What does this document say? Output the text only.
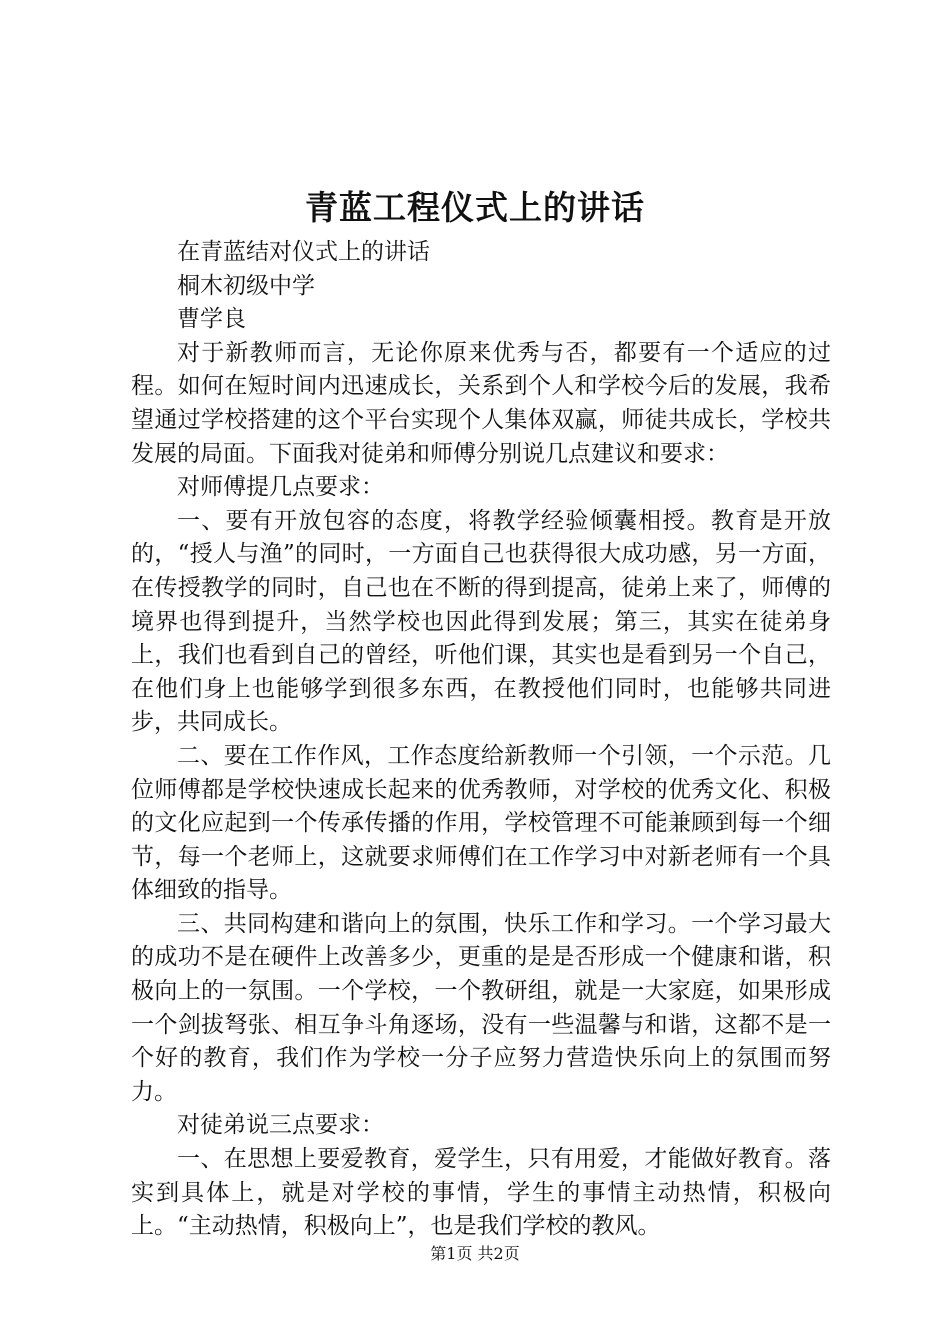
青蓝工程仪式上的讲话

在青蓝结对仪式上的讲话

桐木初级中学

曹学良

对于新教师而言，无论你原来优秀与否，都要有一个适应的过程。如何在短时间内迅速成长，关系到个人和学校今后的发展，我希望通过学校搭建的这个平台实现个人集体双赢，师徒共成长，学校共发展的局面。下面我对徒弟和师傅分别说几点建议和要求：

对师傅提几点要求：

一、要有开放包容的态度，将教学经验倾囊相授。教育是开放的，“授人与渔”的同时，一方面自己也获得很大成功感，另一方面，在传授教学的同时，自己也在不断的得到提高，徒弟上来了，师傅的境界也得到提升，当然学校也因此得到发展；第三，其实在徒弟身上，我们也看到自己的曾经，听他们课，其实也是看到另一个自己，在他们身上也能够学到很多东西，在教授他们同时，也能够共同进步，共同成长。

二、要在工作作风，工作态度给新教师一个引领，一个示范。几位师傅都是学校快速成长起来的优秀教师，对学校的优秀文化、积极的文化应起到一个传承传播的作用，学校管理不可能兼顾到每一个细节，每一个老师上，这就要求师傅们在工作学习中对新老师有一个具体细致的指导。

三、共同构建和谐向上的氛围，快乐工作和学习。一个学习最大的成功不是在硬件上改善多少，更重的是是否形成一个健康和谐，积极向上的一氛围。一个学校，一个教研组，就是一大家庭，如果形成一个剑拔弩张、相互争斗角逐场，没有一些温馨与和谐，这都不是一个好的教育，我们作为学校一分子应努力营造快乐向上的氛围而努力。

对徒弟说三点要求：

一、在思想上要爱教育，爱学生，只有用爱，才能做好教育。落实到具体上，就是对学校的事情，学生的事情主动热情，积极向上。“主动热情，积极向上”，也是我们学校的教风。

第1页 共2页
